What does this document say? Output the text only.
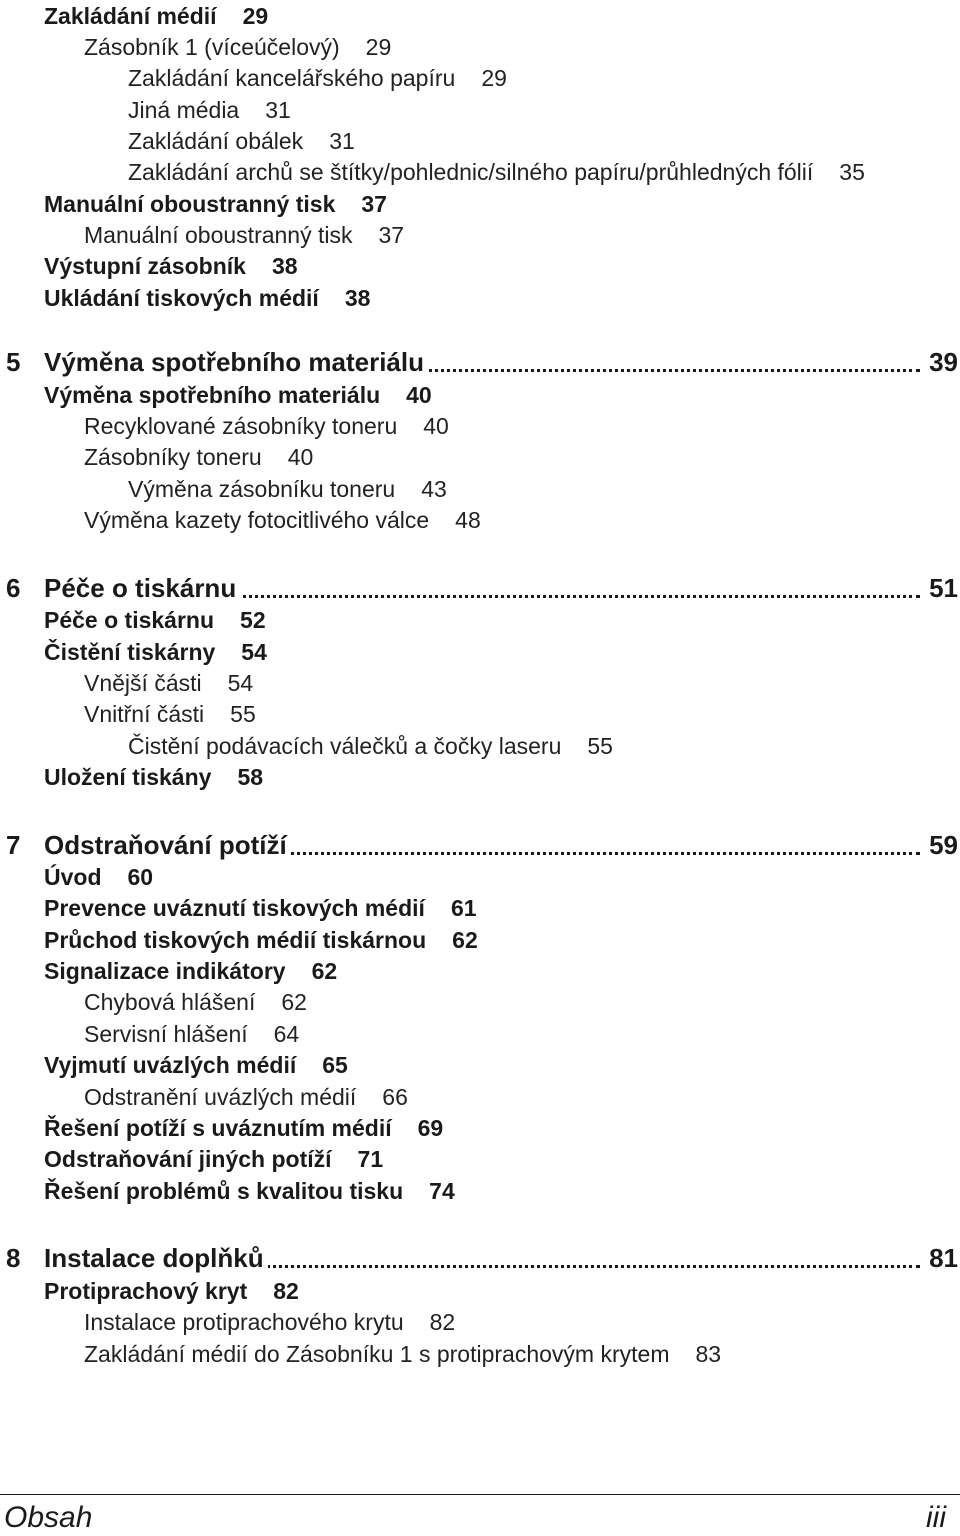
Zakládání médií 29
Zásobník 1 (víceúčelový) 29
Zakládání kancelářského papíru 29
Jiná média 31
Zakládání obálek 31
Zakládání archů se štítky/pohlednic/silného papíru/průhledných fólií 35
Manuální oboustranný tisk 37
Manuální oboustranný tisk 37
Výstupní zásobník 38
Ukládání tiskových médií 38
5 Výměna spotřebního materiálu	39
Výměna spotřebního materiálu 40
Recyklované zásobníky toneru 40
Zásobníky toneru 40
Výměna zásobníku toneru 43
Výměna kazety fotocitlivého válce 48
6 Péče o tiskárnu	51
Péče o tiskárnu 52
Čistění tiskárny 54
Vnější části 54
Vnitřní části 55
Čistění podávacích válečků a čočky laseru 55
Uložení tiskány 58
7 Odstraňování potíží	59
Úvod 60
Prevence uváznutí tiskových médií 61
Průchod tiskových médií tiskárnou 62
Signalizace indikátory 62
Chybová hlášení 62
Servisní hlášení 64
Vyjmutí uvázlých médií 65
Odstranění uvázlých médií 66
Řešení potíží s uváznutím médií 69
Odstraňování jiných potíží 71
Řešení problémů s kvalitou tisku 74
8 Instalace doplňků	81
Protiprachový kryt 82
Instalace protiprachového krytu 82
Zakládání médií do Zásobníku 1 s protiprachovým krytem 83
Obsah	iii
